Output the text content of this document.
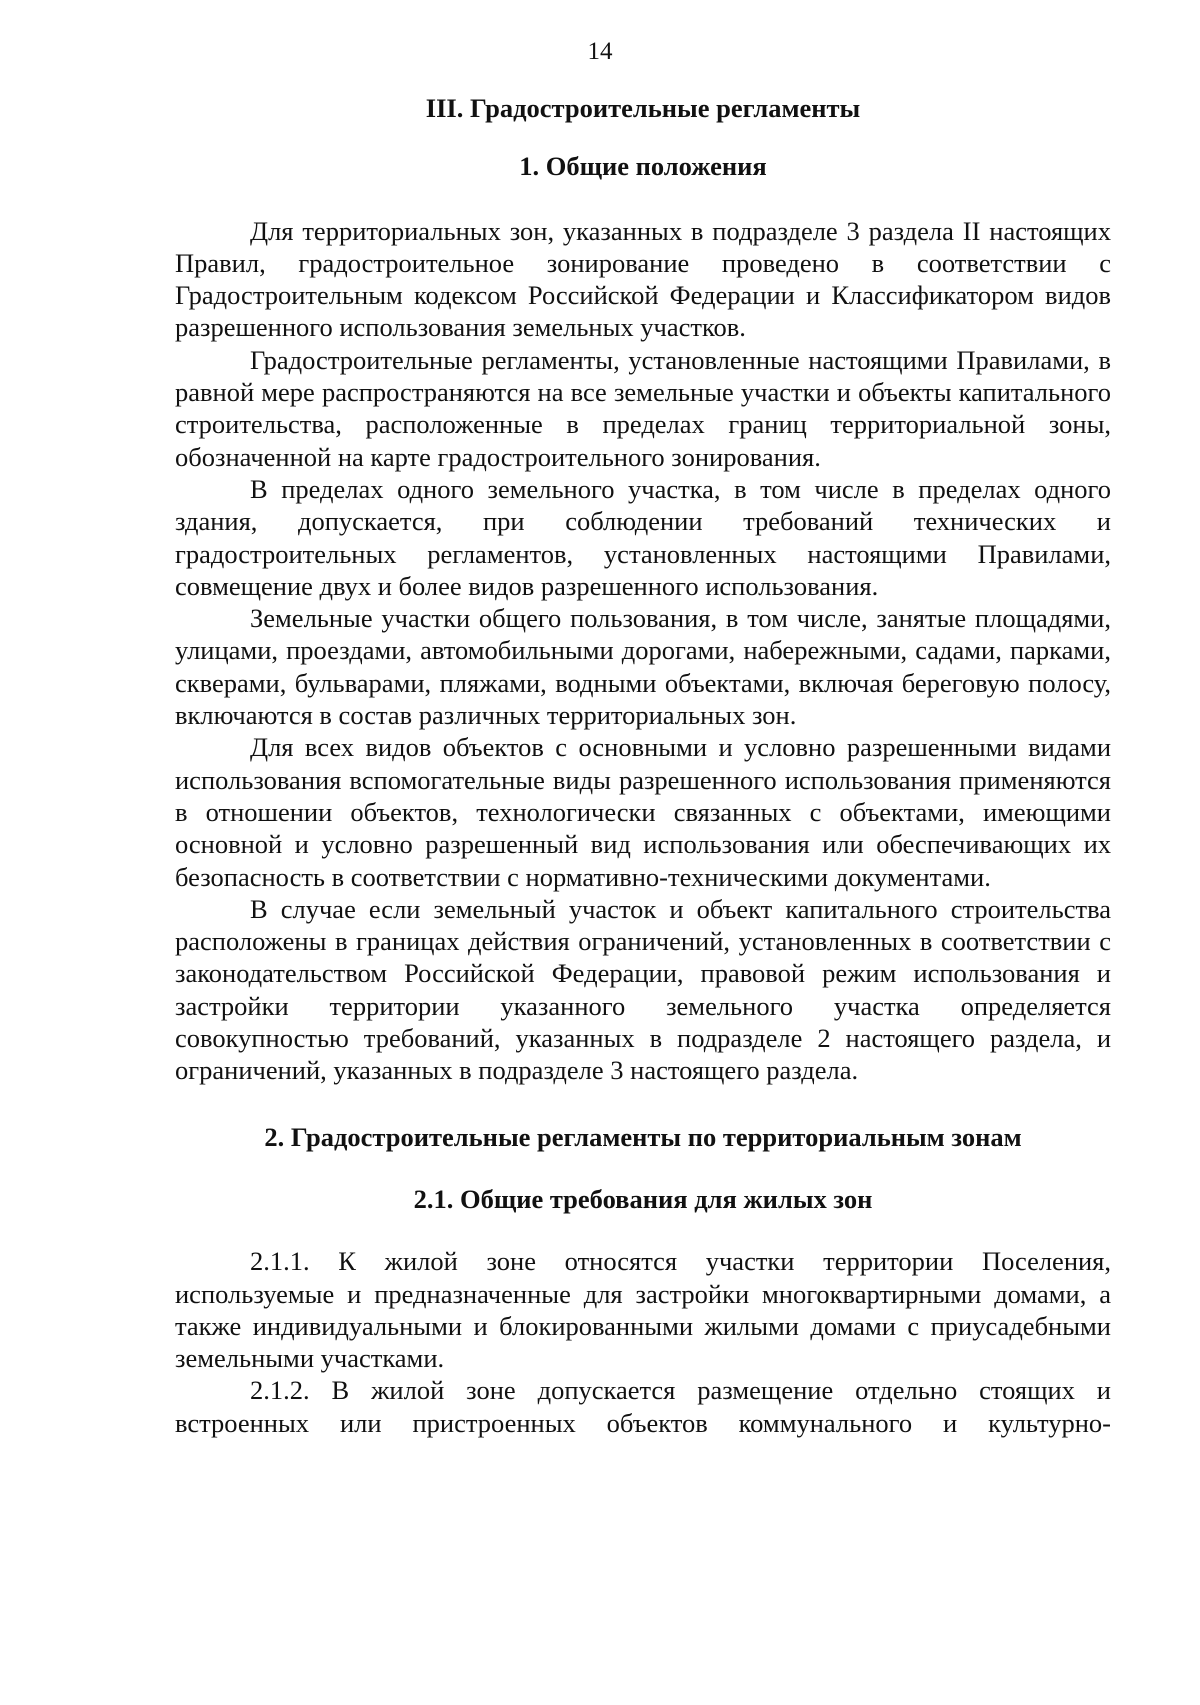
14
III. Градостроительные регламенты
1. Общие положения

Для территориальных зон, указанных в подразделе 3 раздела II настоящих Правил, градостроительное зонирование проведено в соответствии с Градостроительным кодексом Российской Федерации и Классификатором видов разрешенного использования земельных участков.

Градостроительные регламенты, установленные настоящими Правилами, в равной мере распространяются на все земельные участки и объекты капитального строительства, расположенные в пределах границ территориальной зоны, обозначенной на карте градостроительного зонирования.

В пределах одного земельного участка, в том числе в пределах одного здания, допускается, при соблюдении требований технических и градостроительных регламентов, установленных настоящими Правилами, совмещение двух и более видов разрешенного использования.

Земельные участки общего пользования, в том числе, занятые площадями, улицами, проездами, автомобильными дорогами, набережными, садами, парками, скверами, бульварами, пляжами, водными объектами, включая береговую полосу, включаются в состав различных территориальных зон.

Для всех видов объектов с основными и условно разрешенными видами использования вспомогательные виды разрешенного использования применяются в отношении объектов, технологически связанных с объектами, имеющими основной и условно разрешенный вид использования или обеспечивающих их безопасность в соответствии с нормативно-техническими документами.

В случае если земельный участок и объект капитального строительства расположены в границах действия ограничений, установленных в соответствии с законодательством Российской Федерации, правовой режим использования и застройки территории указанного земельного участка определяется совокупностью требований, указанных в подразделе 2 настоящего раздела, и ограничений, указанных в подразделе 3 настоящего раздела.

2. Градостроительные регламенты по территориальным зонам
2.1. Общие требования для жилых зон

2.1.1. К жилой зоне относятся участки территории Поселения, используемые и предназначенные для застройки многоквартирными домами, а также индивидуальными и блокированными жилыми домами с приусадебными земельными участками.

2.1.2. В жилой зоне допускается размещение отдельно стоящих и встроенных или пристроенных объектов коммунального и культурно-
